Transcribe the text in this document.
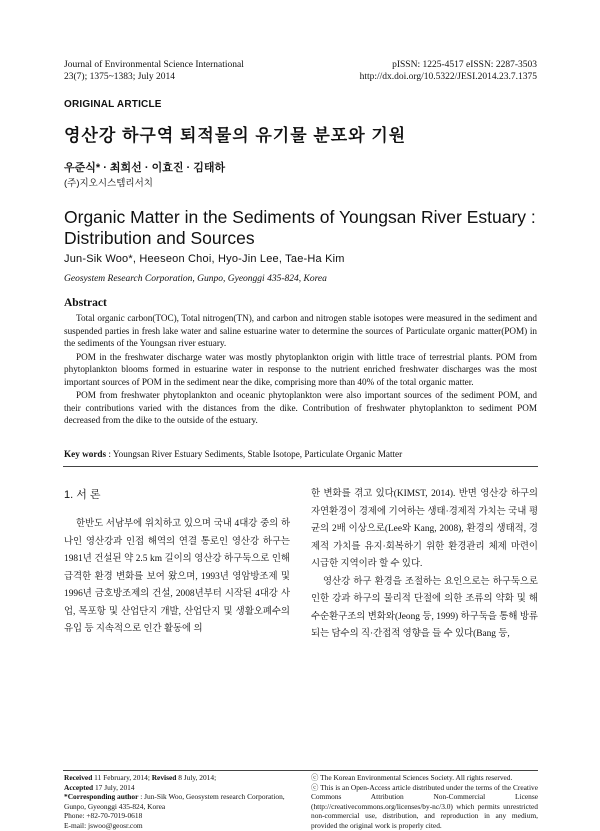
Journal of Environmental Science International
23(7); 1375~1383; July 2014
pISSN: 1225-4517 eISSN: 2287-3503
http://dx.doi.org/10.5322/JESI.2014.23.7.1375
ORIGINAL ARTICLE
영산강 하구역 퇴적물의 유기물 분포와 기원
우준식* · 최희선 · 이효진 · 김태하
(주)지오시스템리서치
Organic Matter in the Sediments of Youngsan River Estuary : Distribution and Sources
Jun-Sik Woo*, Heeseon Choi, Hyo-Jin Lee, Tae-Ha Kim
Geosystem Research Corporation, Gunpo, Gyeonggi 435-824, Korea
Abstract

Total organic carbon(TOC), Total nitrogen(TN), and carbon and nitrogen stable isotopes were measured in the sediment and suspended parties in fresh lake water and saline estuarine water to determine the sources of Particulate organic matter(POM) in the sediments of the Youngsan river estuary.

POM in the freshwater discharge water was mostly phytoplankton origin with little trace of terrestrial plants. POM from phytoplankton blooms formed in estuarine water in response to the nutrient enriched freshwater discharges was the most important sources of POM in the sediment near the dike, comprising more than 40% of the total organic matter.

POM from freshwater phytoplankton and oceanic phytoplankton were also important sources of the sediment POM, and their contributions varied with the distances from the dike. Contribution of freshwater phytoplankton to sediment POM decreased from the dike to the outside of the estuary.

Key words : Youngsan River Estuary Sediments, Stable Isotope, Particulate Organic Matter
1. 서 론

한반도 서남부에 위치하고 있으며 국내 4대강 중의 하나인 영산강과 인접 해역의 연결 통로인 영산강 하구는 1981년 건설된 약 2.5 km 길이의 영산강 하구둑으로 인해 급격한 환경 변화를 보여 왔으며, 1993년 영암방조제 및 1996년 금호방조제의 건설, 2008년부터 시작된 4대강 사업, 목포항 및 산업단지 개발, 산업단지 및 생활오폐수의 유입 등 지속적으로 인간 활동에 의

한 변화를 겪고 있다(KIMST, 2014). 반면 영산강 하구의 자연환경이 경제에 기여하는 생태·경제적 가치는 국내 평균의 2배 이상으로(Lee와 Kang, 2008), 환경의 생태적, 경제적 가치를 유지·회복하기 위한 환경관리 체제 마련이 시급한 지역이라 할 수 있다.

영산강 하구 환경을 조절하는 요인으로는 하구둑으로 인한 강과 하구의 물리적 단절에 의한 조류의 약화 및 해수순환구조의 변화와(Jeong 등, 1999) 하구둑을 통해 방류되는 담수의 직·간접적 영향을 들 수 있다(Bang 등,

Received 11 February, 2014; Revised 8 July, 2014;
Accepted 17 July, 2014
*Corresponding author : Jun-Sik Woo, Geosystem research Corporation,
Gunpo, Gyeonggi 435-824, Korea
Phone: +82-70-7019-0618
E-mail: jswoo@geosr.com
ⓒ The Korean Environmental Sciences Society. All rights reserved.
ⓒ This is an Open-Access article distributed under the terms of the Creative Commons Attribution Non-Commercial License (http://creativecommons.org/licenses/by-nc/3.0) which permits unrestricted non-commercial use, distribution, and reproduction in any medium, provided the original work is properly cited.
